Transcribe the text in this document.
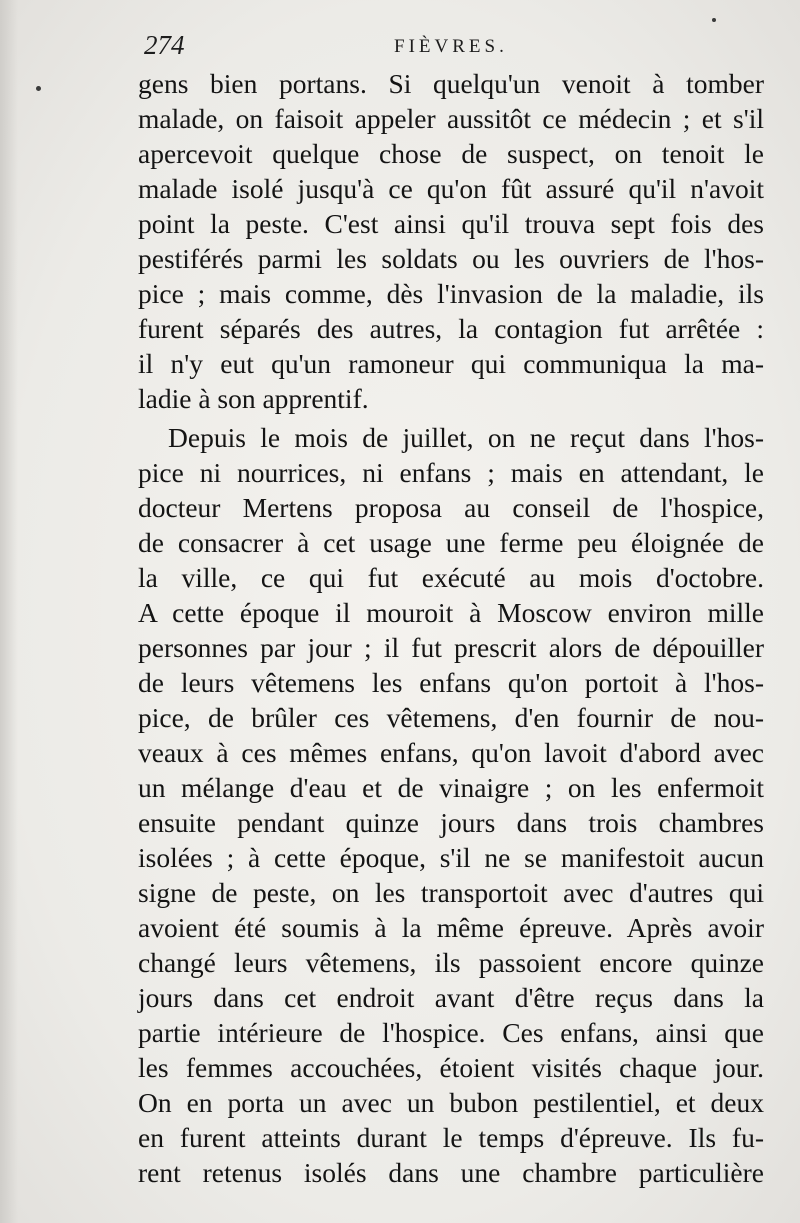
274	FIÈVRES.
gens bien portans. Si quelqu'un venoit à tomber
malade, on faisoit appeler aussitôt ce médecin ; et s'il
apercevoit quelque chose de suspect, on tenoit le
malade isolé jusqu'à ce qu'on fût assuré qu'il n'avoit
point la peste. C'est ainsi qu'il trouva sept fois des
pestiférés parmi les soldats ou les ouvriers de l'hos-
pice ; mais comme, dès l'invasion de la maladie, ils
furent séparés des autres, la contagion fut arrêtée :
il n'y eut qu'un ramoneur qui communiqua la ma-
ladie à son apprentif.
Depuis le mois de juillet, on ne reçut dans l'hos-
pice ni nourrices, ni enfans ; mais en attendant, le
docteur Mertens proposa au conseil de l'hospice,
de consacrer à cet usage une ferme peu éloignée de
la ville, ce qui fut exécuté au mois d'octobre.
A cette époque il mouroit à Moscow environ mille
personnes par jour ; il fut prescrit alors de dépouiller
de leurs vêtemens les enfans qu'on portoit à l'hos-
pice, de brûler ces vêtemens, d'en fournir de nou-
veaux à ces mêmes enfans, qu'on lavoit d'abord avec
un mélange d'eau et de vinaigre ; on les enfermoit
ensuite pendant quinze jours dans trois chambres
isolées ; à cette époque, s'il ne se manifestoit aucun
signe de peste, on les transportoit avec d'autres qui
avoient été soumis à la même épreuve. Après avoir
changé leurs vêtemens, ils passoient encore quinze
jours dans cet endroit avant d'être reçus dans la
partie intérieure de l'hospice. Ces enfans, ainsi que
les femmes accouchées, étoient visités chaque jour.
On en porta un avec un bubon pestilentiel, et deux
en furent atteints durant le temps d'épreuve. Ils fu-
rent retenus isolés dans une chambre particulière
